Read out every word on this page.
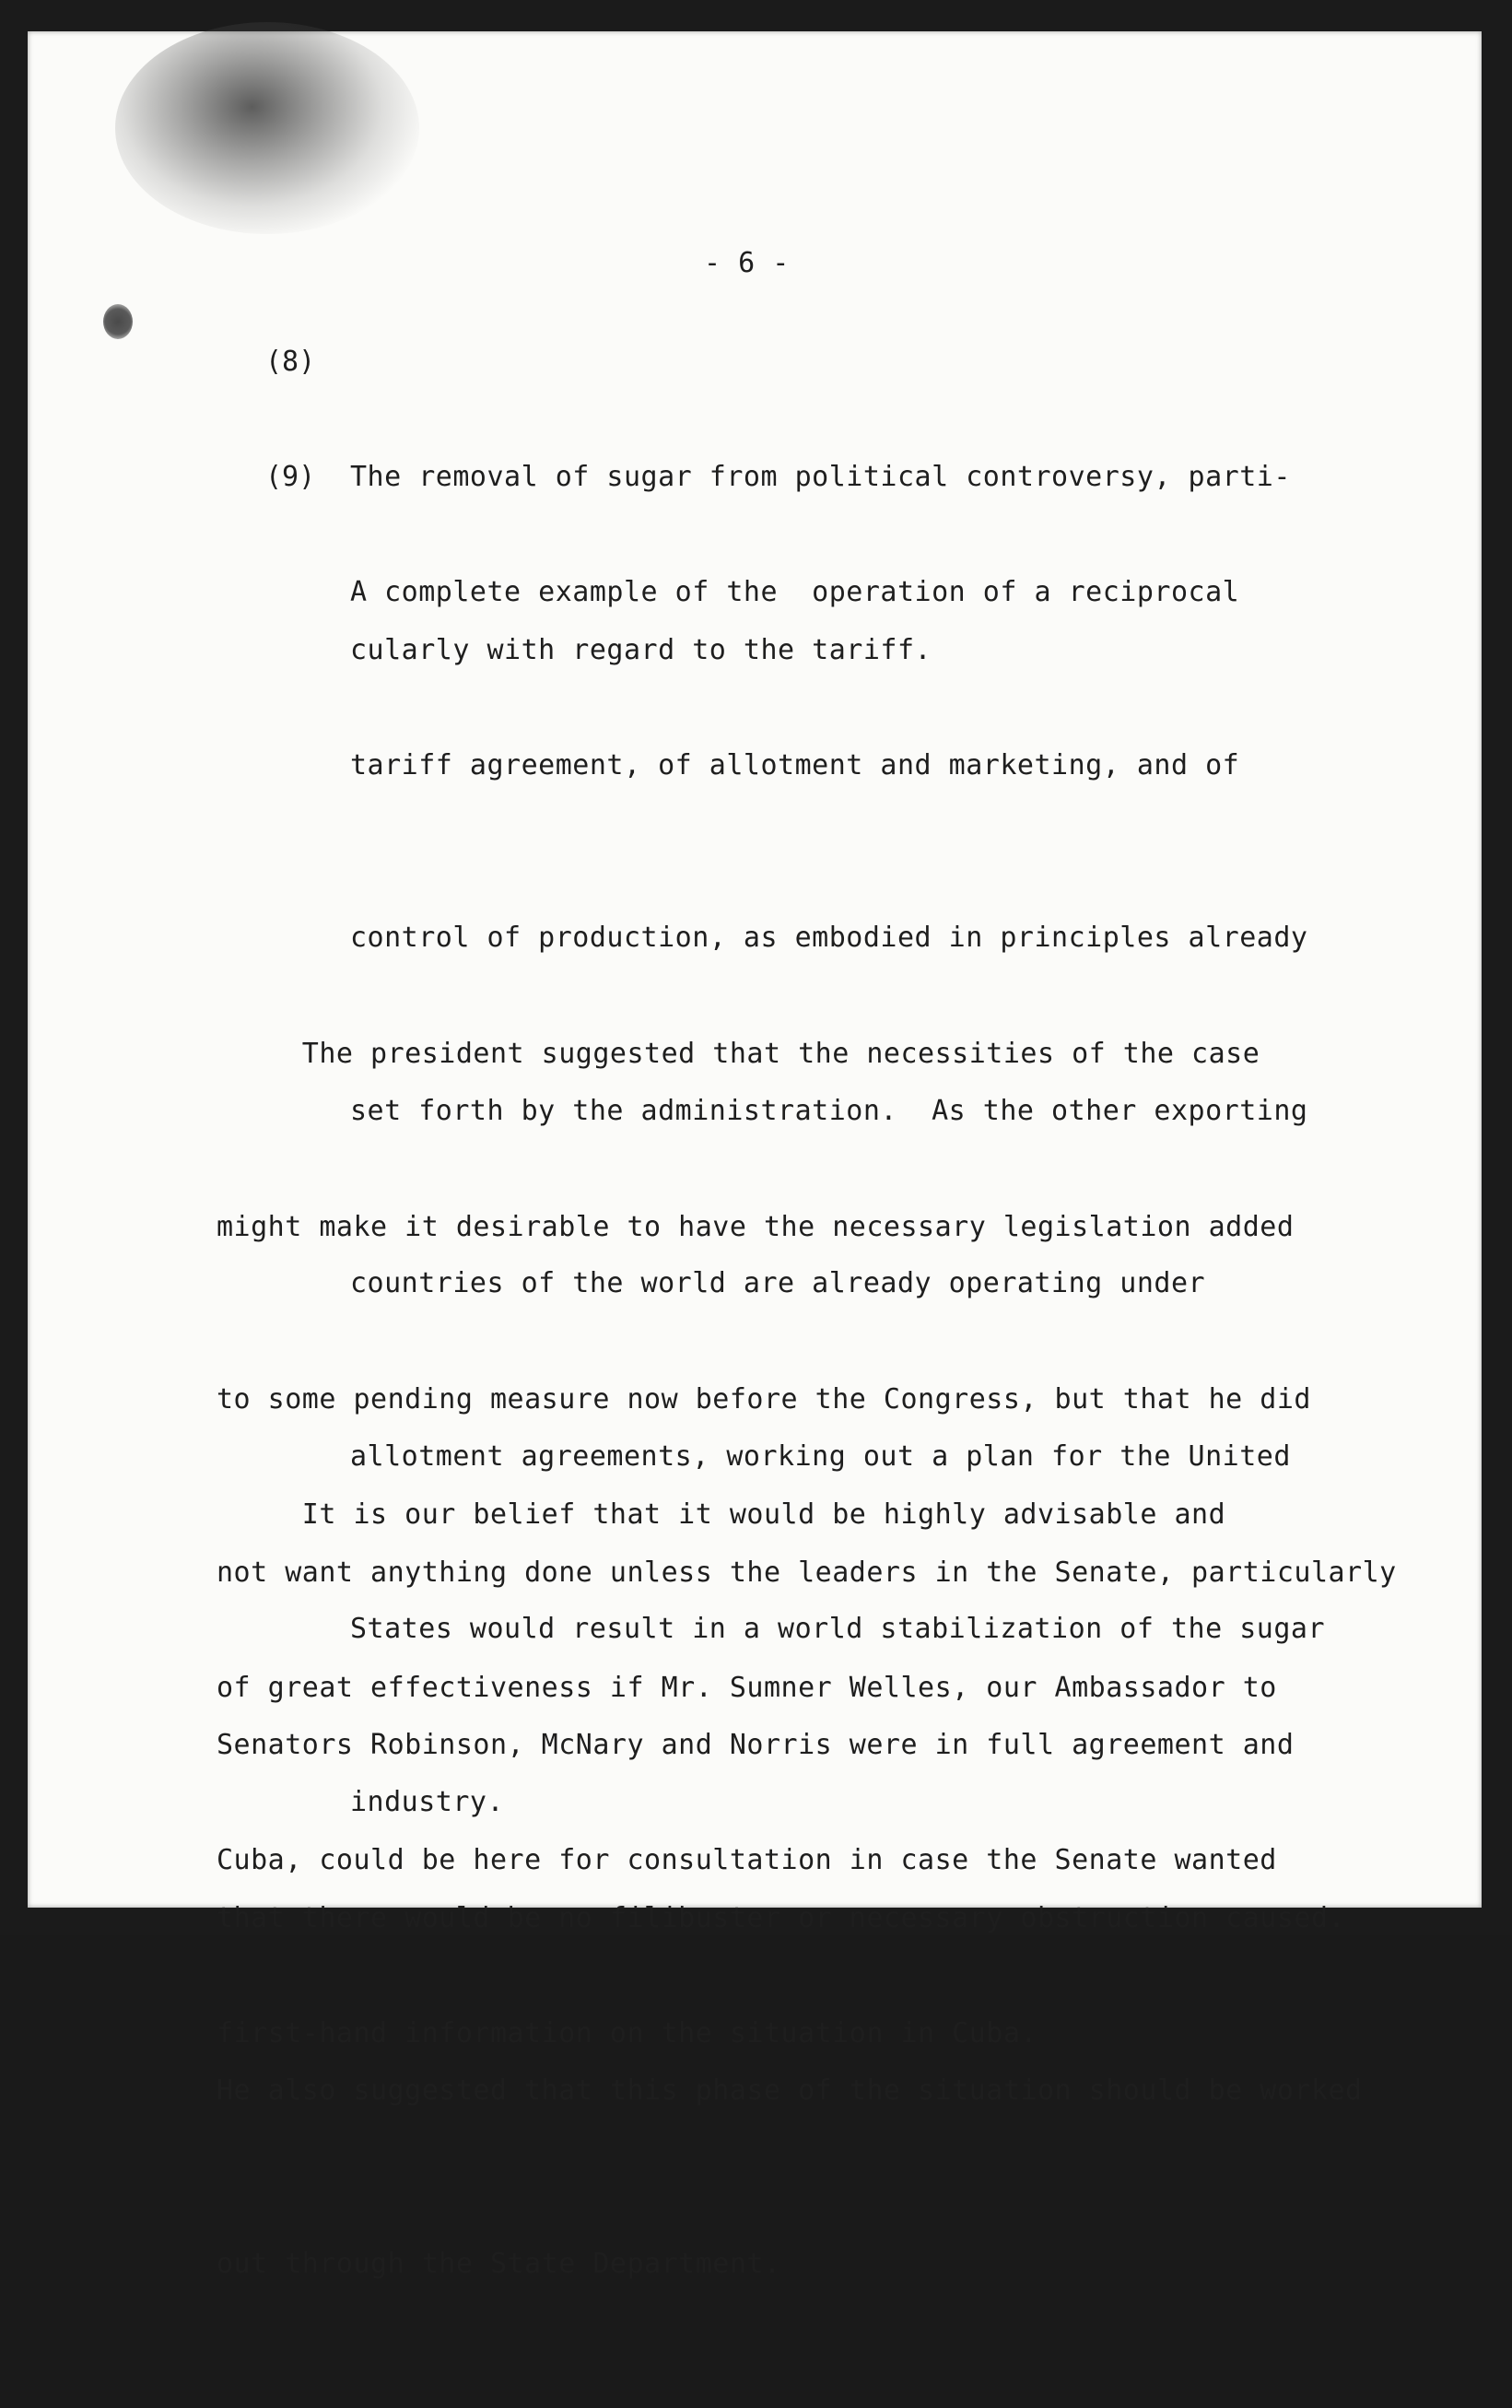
- 6 -

(8)

The removal of sugar from political controversy, parti-

cularly with regard to the tariff.

(9)

A complete example of the  operation of a reciprocal

tariff agreement, of allotment and marketing, and of

control of production, as embodied in principles already

set forth by the administration.  As the other exporting

countries of the world are already operating under

allotment agreements, working out a plan for the United

States would result in a world stabilization of the sugar

industry.

The president suggested that the necessities of the case

might make it desirable to have the necessary legislation added

to some pending measure now before the Congress, but that he did

not want anything done unless the leaders in the Senate, particularly

Senators Robinson, McNary and Norris were in full agreement and

that there would be no filibuster or necessary obstruction caused.

He also suggested that this phase of the situation should be worked

out through the State Department.

It is our belief that it would be highly advisable and

of great effectiveness if Mr. Sumner Welles, our Ambassador to

Cuba, could be here for consultation in case the Senate wanted

first-hand information on the situation in Cuba.
